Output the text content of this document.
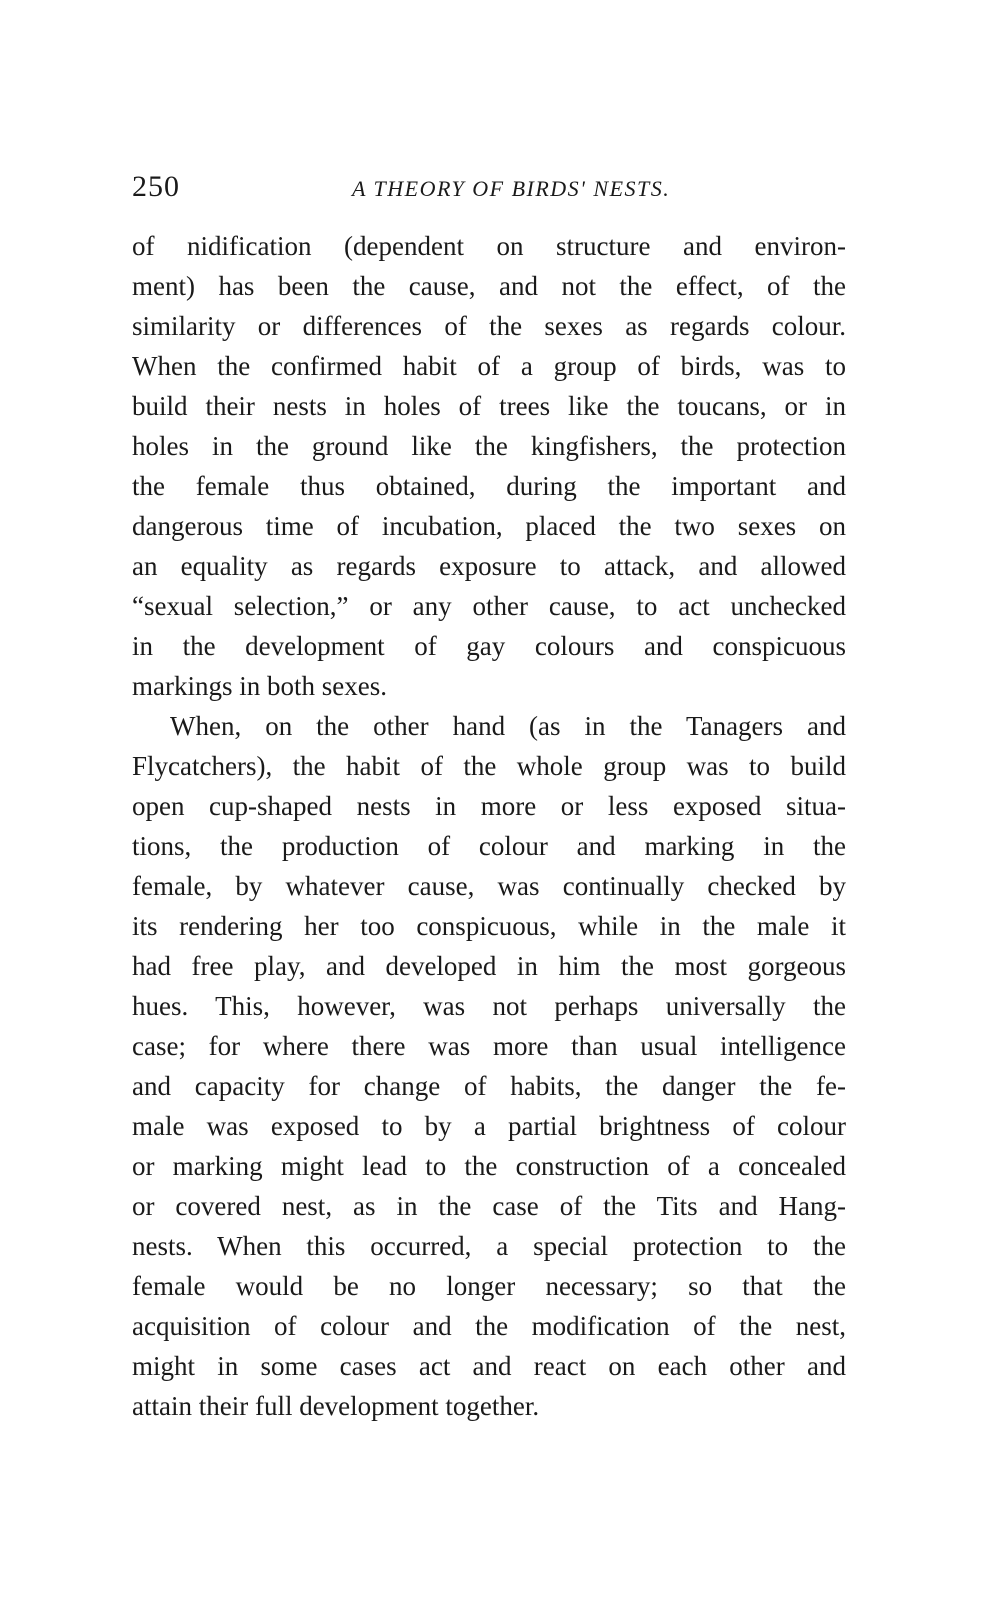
250	A THEORY OF BIRDS' NESTS.
of nidification (dependent on structure and environ-
ment) has been the cause, and not the effect, of the
similarity or differences of the sexes as regards colour.
When the confirmed habit of a group of birds, was to
build their nests in holes of trees like the toucans, or in
holes in the ground like the kingfishers, the protection
the female thus obtained, during the important and
dangerous time of incubation, placed the two sexes on
an equality as regards exposure to attack, and allowed
“sexual selection,” or any other cause, to act unchecked
in the development of gay colours and conspicuous
markings in both sexes.
When, on the other hand (as in the Tanagers and
Flycatchers), the habit of the whole group was to build
open cup-shaped nests in more or less exposed situa-
tions, the production of colour and marking in the
female, by whatever cause, was continually checked by
its rendering her too conspicuous, while in the male it
had free play, and developed in him the most gorgeous
hues. This, however, was not perhaps universally the
case; for where there was more than usual intelligence
and capacity for change of habits, the danger the fe-
male was exposed to by a partial brightness of colour
or marking might lead to the construction of a concealed
or covered nest, as in the case of the Tits and Hang-
nests. When this occurred, a special protection to the
female would be no longer necessary; so that the
acquisition of colour and the modification of the nest,
might in some cases act and react on each other and
attain their full development together.
